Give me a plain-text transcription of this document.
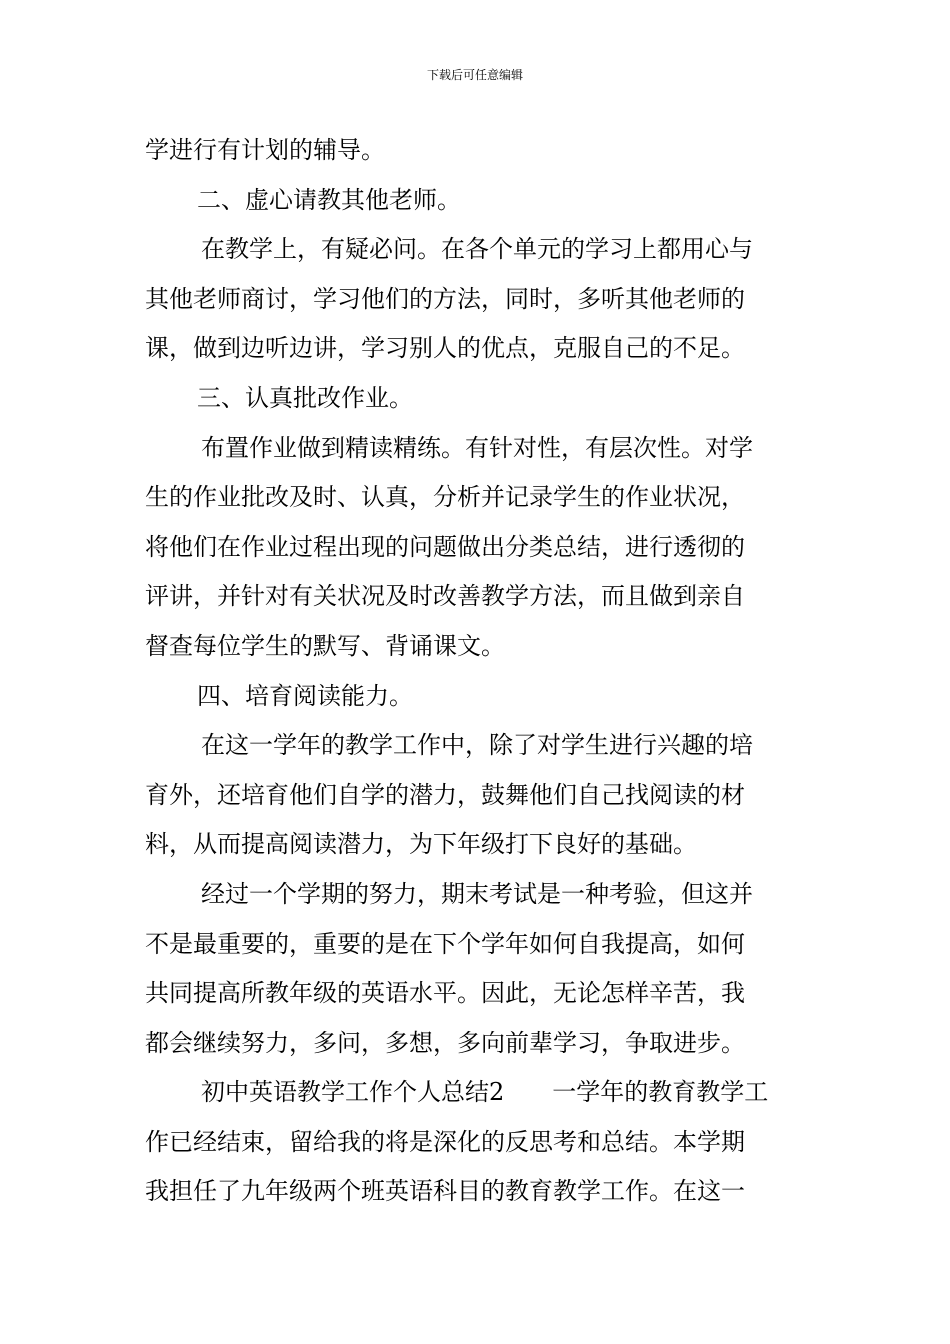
下载后可任意编辑
学进行有计划的辅导。
二、虚心请教其他老师。
在教学上，有疑必问。在各个单元的学习上都用心与
其他老师商讨，学习他们的方法，同时，多听其他老师的
课，做到边听边讲，学习别人的优点，克服自己的不足。
三、认真批改作业。
布置作业做到精读精练。有针对性，有层次性。对学
生的作业批改及时、认真，分析并记录学生的作业状况，
将他们在作业过程出现的问题做出分类总结，进行透彻的
评讲，并针对有关状况及时改善教学方法，而且做到亲自
督查每位学生的默写、背诵课文。
四、培育阅读能力。
在这一学年的教学工作中，除了对学生进行兴趣的培
育外，还培育他们自学的潜力，鼓舞他们自己找阅读的材
料，从而提高阅读潜力，为下年级打下良好的基础。
经过一个学期的努力，期末考试是一种考验，但这并
不是最重要的，重要的是在下个学年如何自我提高，如何
共同提高所教年级的英语水平。因此，无论怎样辛苦，我
都会继续努力，多问，多想，多向前辈学习，争取进步。
初中英语教学工作个人总结2　　一学年的教育教学工
作已经结束，留给我的将是深化的反思考和总结。本学期
我担任了九年级两个班英语科目的教育教学工作。在这一
